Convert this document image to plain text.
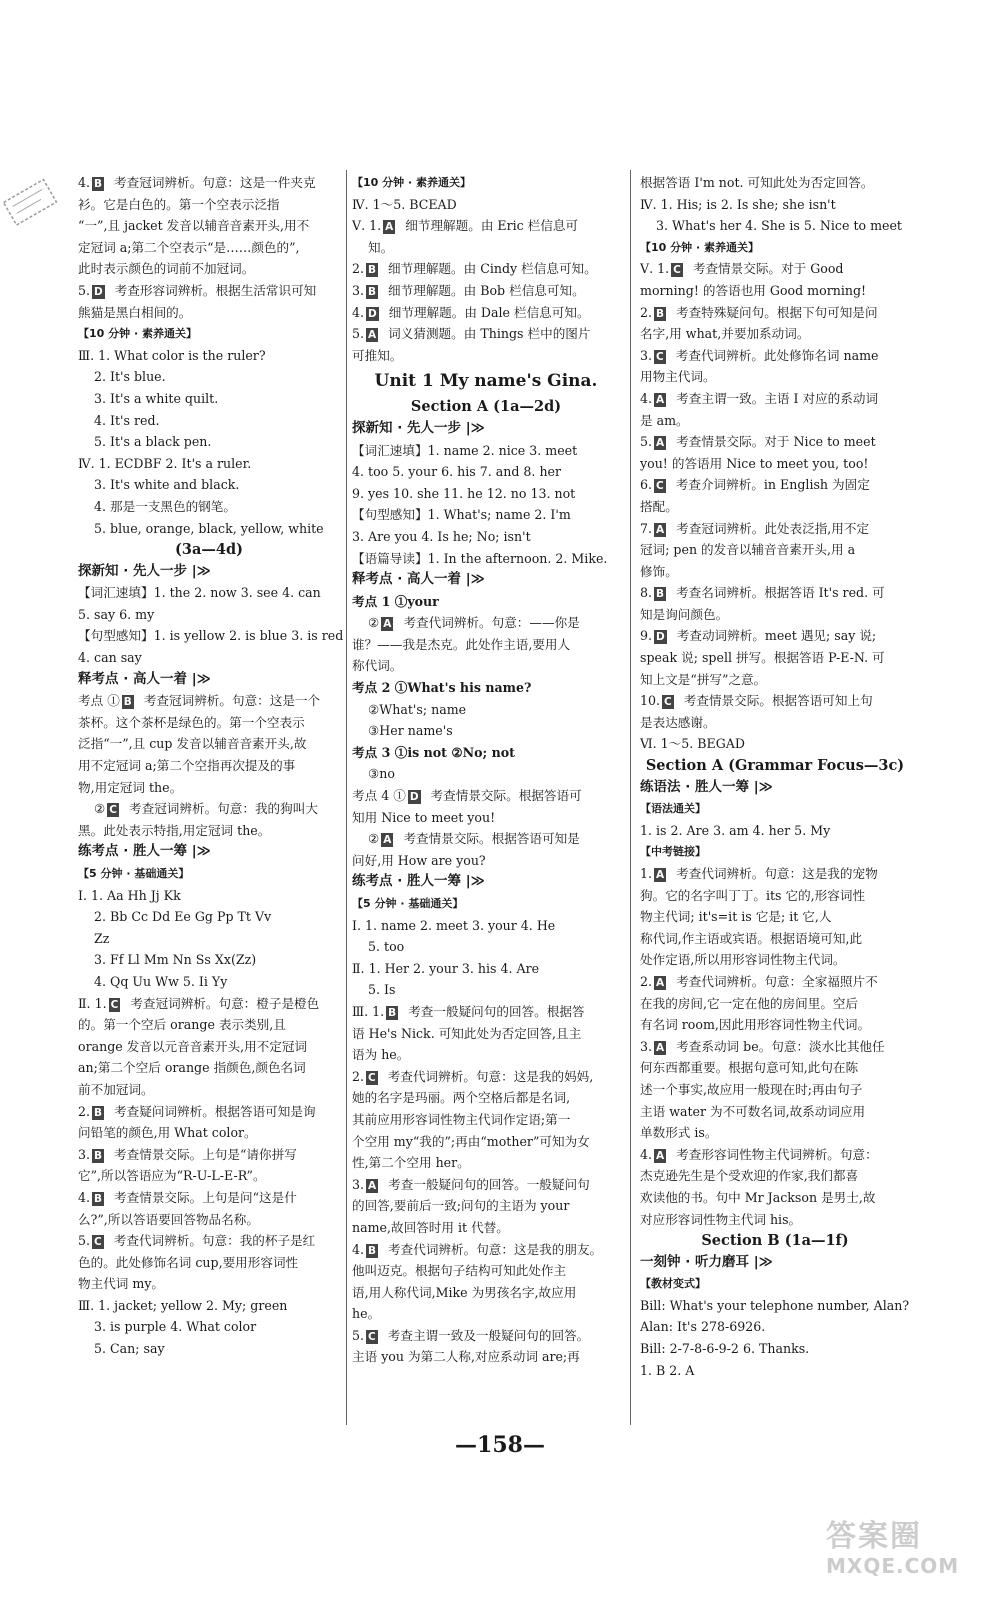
4. B 考查冠词辨析。句意：这是一件夹克
衫。它是白色的。第一个空表示泛指
“一”,且 jacket 发音以辅音音素开头,用不
定冠词 a;第二个空表示“是……颜色的”,
此时表示颜色的词前不加冠词。
5. D 考查形容词辨析。根据生活常识可知
熊猫是黑白相间的。
【10 分钟 · 素养通关】
Ⅲ. 1. What color is the ruler?
2. It's blue.
3. It's a white quilt.
4. It's red.
5. It's a black pen.
Ⅳ. 1. ECDBF 2. It's a ruler.
3. It's white and black.
4. 那是一支黑色的钢笔。
5. blue, orange, black, yellow, white
(3a—4d)
探新知 · 先人一步 |≫
【词汇速填】1. the 2. now 3. see 4. can
5. say 6. my
【句型感知】1. is yellow 2. is blue 3. is red
4. can say
释考点 · 高人一着 |≫
考点 ① B 考查冠词辨析。句意：这是一个
茶杯。这个茶杯是绿色的。第一个空表示
泛指“一”,且 cup 发音以辅音音素开头,故
用不定冠词 a;第二个空指再次提及的事
物,用定冠词 the。
② C 考查冠词辨析。句意：我的狗叫大
黑。此处表示特指,用定冠词 the。
练考点 · 胜人一筹 |≫
【5 分钟 · 基础通关】
Ⅰ. 1. Aa Hh Jj Kk
2. Bb Cc Dd Ee Gg Pp Tt Vv
Zz
3. Ff Ll Mm Nn Ss Xx(Zz)
4. Qq Uu Ww 5. Ii Yy
Ⅱ. 1. C 考查冠词辨析。句意：橙子是橙色
的。第一个空后 orange 表示类别,且
orange 发音以元音音素开头,用不定冠词
an;第二个空后 orange 指颜色,颜色名词
前不加冠词。
2. B 考查疑问词辨析。根据答语可知是询
问铅笔的颜色,用 What color。
3. B 考查情景交际。上句是“请你拼写
它”,所以答语应为“R-U-L-E-R”。
4. B 考查情景交际。上句是问“这是什
么?”,所以答语要回答物品名称。
5. C 考查代词辨析。句意：我的杯子是红
色的。此处修饰名词 cup,要用形容词性
物主代词 my。
Ⅲ. 1. jacket; yellow 2. My; green
3. is purple 4. What color
5. Can; say
【10 分钟 · 素养通关】
Ⅳ. 1～5. BCEAD
Ⅴ. 1. A 细节理解题。由 Eric 栏信息可
知。
2. B 细节理解题。由 Cindy 栏信息可知。
3. B 细节理解题。由 Bob 栏信息可知。
4. D 细节理解题。由 Dale 栏信息可知。
5. A 词义猜测题。由 Things 栏中的图片
可推知。
Unit 1 My name's Gina.
Section A (1a—2d)
探新知 · 先人一步 |≫
【词汇速填】1. name 2. nice 3. meet
4. too 5. your 6. his 7. and 8. her
9. yes 10. she 11. he 12. no 13. not
【句型感知】1. What's; name 2. I'm
3. Are you 4. Is he; No; isn't
【语篇导读】1. In the afternoon. 2. Mike.
释考点 · 高人一着 |≫
考点 1 ①your
② A 考查代词辨析。句意：——你是
谁？——我是杰克。此处作主语,要用人
称代词。
考点 2 ①What's his name?
②What's; name
③Her name's
考点 3 ①is not ②No; not
③no
考点 4 ① D 考查情景交际。根据答语可
知用 Nice to meet you!
② A 考查情景交际。根据答语可知是
问好,用 How are you?
练考点 · 胜人一筹 |≫
【5 分钟 · 基础通关】
Ⅰ. 1. name 2. meet 3. your 4. He
5. too
Ⅱ. 1. Her 2. your 3. his 4. Are
5. Is
Ⅲ. 1. B 考查一般疑问句的回答。根据答
语 He's Nick. 可知此处为否定回答,且主
语为 he。
2. C 考查代词辨析。句意：这是我的妈妈,
她的名字是玛丽。两个空格后都是名词,
其前应用形容词性物主代词作定语;第一
个空用 my“我的”;再由“mother”可知为女
性,第二个空用 her。
3. A 考查一般疑问句的回答。一般疑问句
的回答,要前后一致;问句的主语为 your
name,故回答时用 it 代替。
4. B 考查代词辨析。句意：这是我的朋友。
他叫迈克。根据句子结构可知此处作主
语,用人称代词,Mike 为男孩名字,故应用
he。
5. C 考查主谓一致及一般疑问句的回答。
主语 you 为第二人称,对应系动词 are;再
根据答语 I'm not. 可知此处为否定回答。
Ⅳ. 1. His; is 2. Is she; she isn't
3. What's her 4. She is 5. Nice to meet
【10 分钟 · 素养通关】
Ⅴ. 1. C 考查情景交际。对于 Good
morning! 的答语也用 Good morning!
2. B 考查特殊疑问句。根据下句可知是问
名字,用 what,并要加系动词。
3. C 考查代词辨析。此处修饰名词 name
用物主代词。
4. A 考查主谓一致。主语 I 对应的系动词
是 am。
5. A 考查情景交际。对于 Nice to meet
you! 的答语用 Nice to meet you, too!
6. C 考查介词辨析。in English 为固定
搭配。
7. A 考查冠词辨析。此处表泛指,用不定
冠词; pen 的发音以辅音音素开头,用 a
修饰。
8. B 考查名词辨析。根据答语 It's red. 可
知是询问颜色。
9. D 考查动词辨析。meet 遇见; say 说;
speak 说; spell 拼写。根据答语 P-E-N. 可
知上文是“拼写”之意。
10. C 考查情景交际。根据答语可知上句
是表达感谢。
Ⅵ. 1～5. BEGAD
Section A (Grammar Focus—3c)
练语法 · 胜人一筹 |≫
【语法通关】
1. is 2. Are 3. am 4. her 5. My
【中考链接】
1. A 考查代词辨析。句意：这是我的宠物
狗。它的名字叫丁丁。its 它的,形容词性
物主代词; it's=it is 它是; it 它,人
称代词,作主语或宾语。根据语境可知,此
处作定语,所以用形容词性物主代词。
2. A 考查代词辨析。句意：全家福照片不
在我的房间,它一定在他的房间里。空后
有名词 room,因此用形容词性物主代词。
3. A 考查系动词 be。句意：淡水比其他任
何东西都重要。根据句意可知,此句在陈
述一个事实,故应用一般现在时;再由句子
主语 water 为不可数名词,故系动词应用
单数形式 is。
4. A 考查形容词性物主代词辨析。句意：
杰克逊先生是个受欢迎的作家,我们都喜
欢读他的书。句中 Mr Jackson 是男士,故
对应形容词性物主代词 his。
Section B (1a—1f)
一刻钟 · 听力磨耳 |≫
【教材变式】
Bill: What's your telephone number, Alan?
Alan: It's 278-6926.
Bill: 2-7-8-6-9-2 6. Thanks.
1. B 2. A
—158—
答案圈
MXQE.COM
